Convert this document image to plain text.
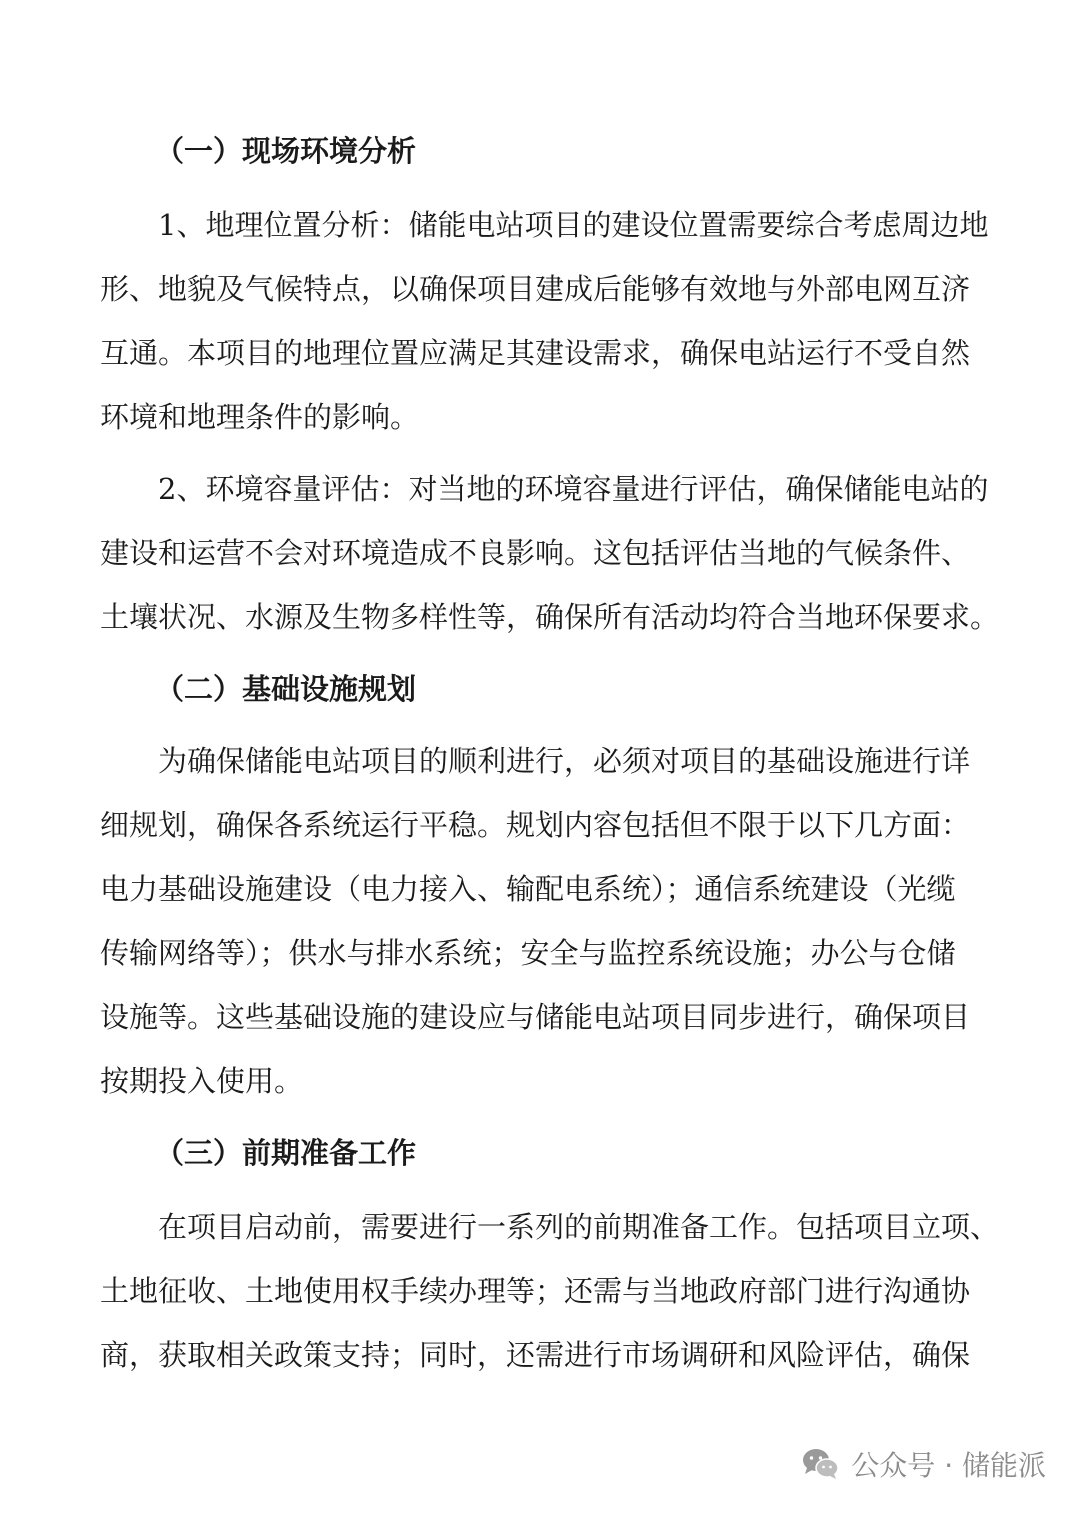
（一）现场环境分析
1、地理位置分析：储能电站项目的建设位置需要综合考虑周边地
形、地貌及气候特点，以确保项目建成后能够有效地与外部电网互济
互通。本项目的地理位置应满足其建设需求，确保电站运行不受自然
环境和地理条件的影响。
2、环境容量评估：对当地的环境容量进行评估，确保储能电站的
建设和运营不会对环境造成不良影响。这包括评估当地的气候条件、
土壤状况、水源及生物多样性等，确保所有活动均符合当地环保要求。
（二）基础设施规划
为确保储能电站项目的顺利进行，必须对项目的基础设施进行详
细规划，确保各系统运行平稳。规划内容包括但不限于以下几方面：
电力基础设施建设（电力接入、输配电系统）；通信系统建设（光缆
传输网络等）；供水与排水系统；安全与监控系统设施；办公与仓储
设施等。这些基础设施的建设应与储能电站项目同步进行，确保项目
按期投入使用。
（三）前期准备工作
在项目启动前，需要进行一系列的前期准备工作。包括项目立项、
土地征收、土地使用权手续办理等；还需与当地政府部门进行沟通协
商，获取相关政策支持；同时，还需进行市场调研和风险评估，确保
公众号 · 储能派
